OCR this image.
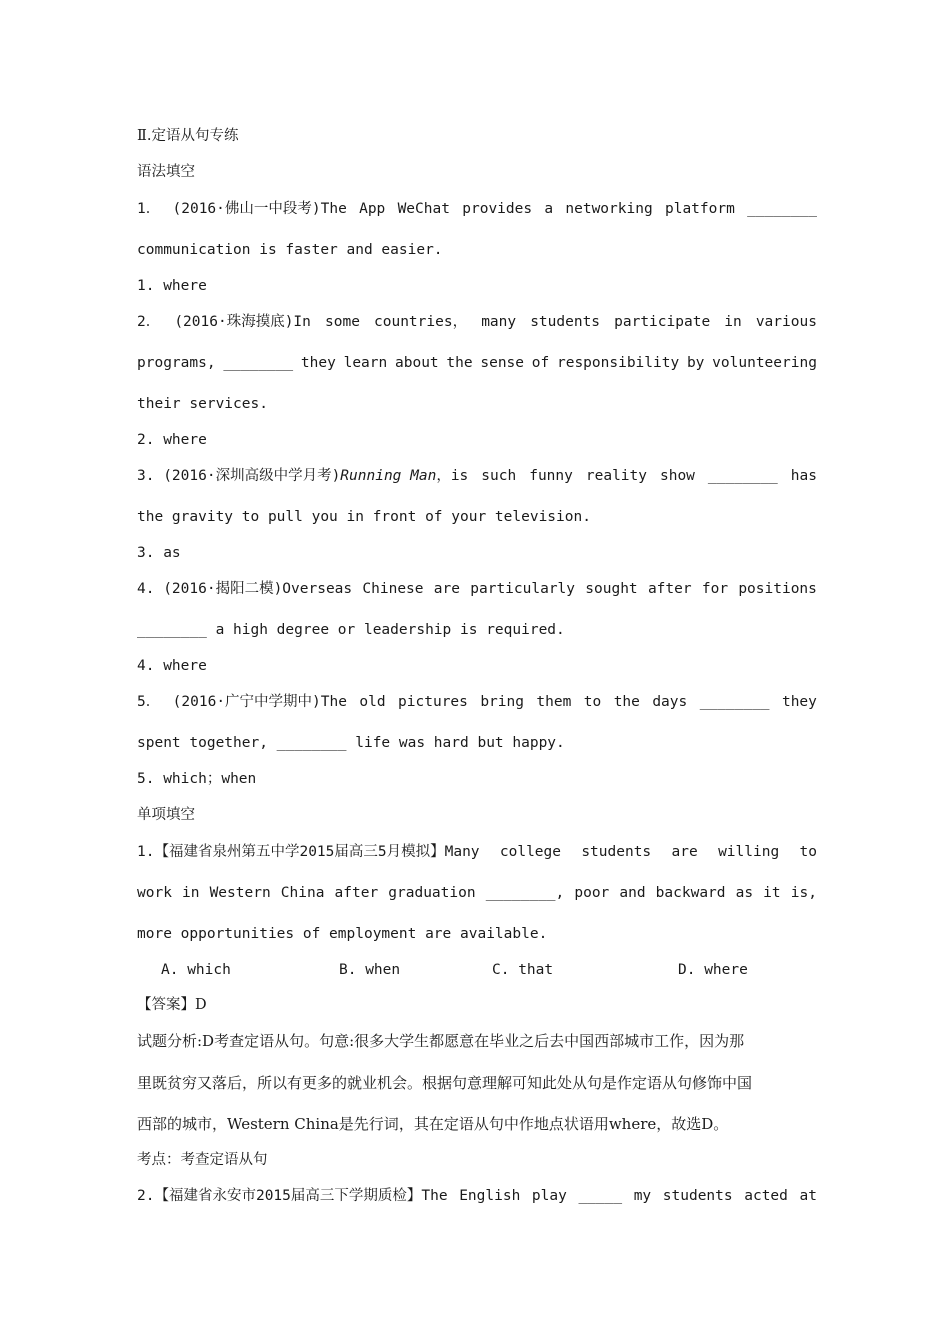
Ⅱ.定语从句专练
语法填空
1． (2016·佛山一中段考)The App WeChat provides a networking platform ________
communication is faster and easier.
1. where
2． (2016·珠海摸底)In some countries， many students participate in various
programs, ________ they learn about the sense of responsibility by volunteering
their services.
2. where
3. (2016·深圳高级中学月考)Running Man，is such funny reality show ________ has
the gravity to pull you in front of your television.
3. as
4. (2016·揭阳二模)Overseas Chinese are particularly sought after for positions
________ a high degree or leadership is required.
4. where
5． (2016·广宁中学期中)The old pictures bring them to the days ________ they
spent together, ________ life was hard but happy.
5. which；when
单项填空
1.【福建省泉州第五中学2015届高三5月模拟】Many college students are willing to
work in Western China after graduation ________, poor and backward as it is,
more opportunities of employment are available.
A. which	B. when	C. that	D. where
【答案】D
试题分析:D考查定语从句。句意:很多大学生都愿意在毕业之后去中国西部城市工作，因为那
里既贫穷又落后，所以有更多的就业机会。根据句意理解可知此处从句是作定语从句修饰中国
西部的城市，Western China是先行词，其在定语从句中作地点状语用where，故选D。
考点：考查定语从句
2.【福建省永安市2015届高三下学期质检】The English play _____ my students acted at
